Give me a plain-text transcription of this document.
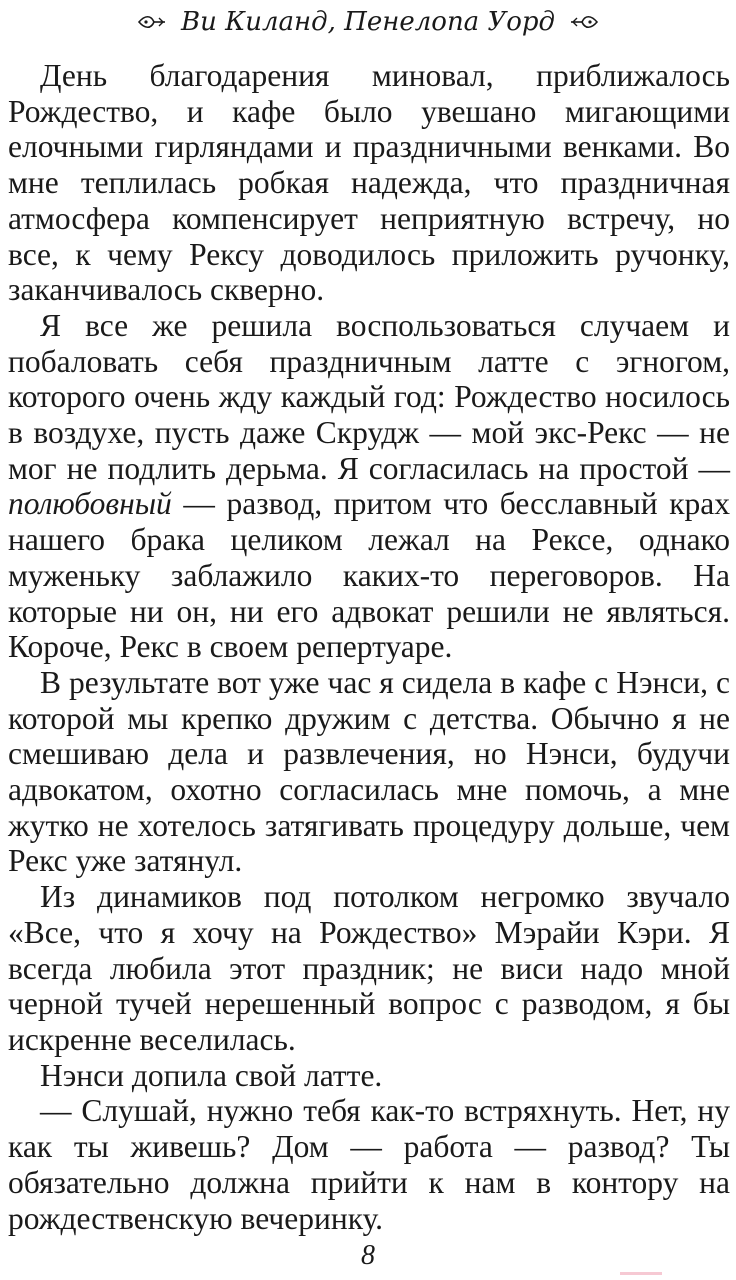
Ви Киланд, Пенелопа Уорд

День благодарения миновал, приближалось Рождество, и кафе было увешано мигающими елочными гирляндами и праздничными венками. Во мне теплилась робкая надежда, что праздничная атмосфера компенсирует неприятную встречу, но все, к чему Рексу доводилось приложить ручонку, заканчивалось скверно.

Я все же решила воспользоваться случаем и побаловать себя праздничным латте с эгногом, которого очень жду каждый год: Рождество носилось в воздухе, пусть даже Скрудж — мой экс-Рекс — не мог не подлить дерьма. Я согласилась на простой — полюбовный — развод, притом что бесславный крах нашего брака целиком лежал на Рексе, однако муженьку заблажило каких-то переговоров. На которые ни он, ни его адвокат решили не являться. Короче, Рекс в своем репертуаре.

В результате вот уже час я сидела в кафе с Нэнси, с которой мы крепко дружим с детства. Обычно я не смешиваю дела и развлечения, но Нэнси, будучи адвокатом, охотно согласилась мне помочь, а мне жутко не хотелось затягивать процедуру дольше, чем Рекс уже затянул.

Из динамиков под потолком негромко звучало «Все, что я хочу на Рождество» Мэрайи Кэри. Я всегда любила этот праздник; не виси надо мной черной тучей нерешенный вопрос с разводом, я бы искренне веселилась.

Нэнси допила свой латте.

— Слушай, нужно тебя как-то встряхнуть. Нет, ну как ты живешь? Дом — работа — развод? Ты обязательно должна прийти к нам в контору на рождественскую вечеринку.

8
